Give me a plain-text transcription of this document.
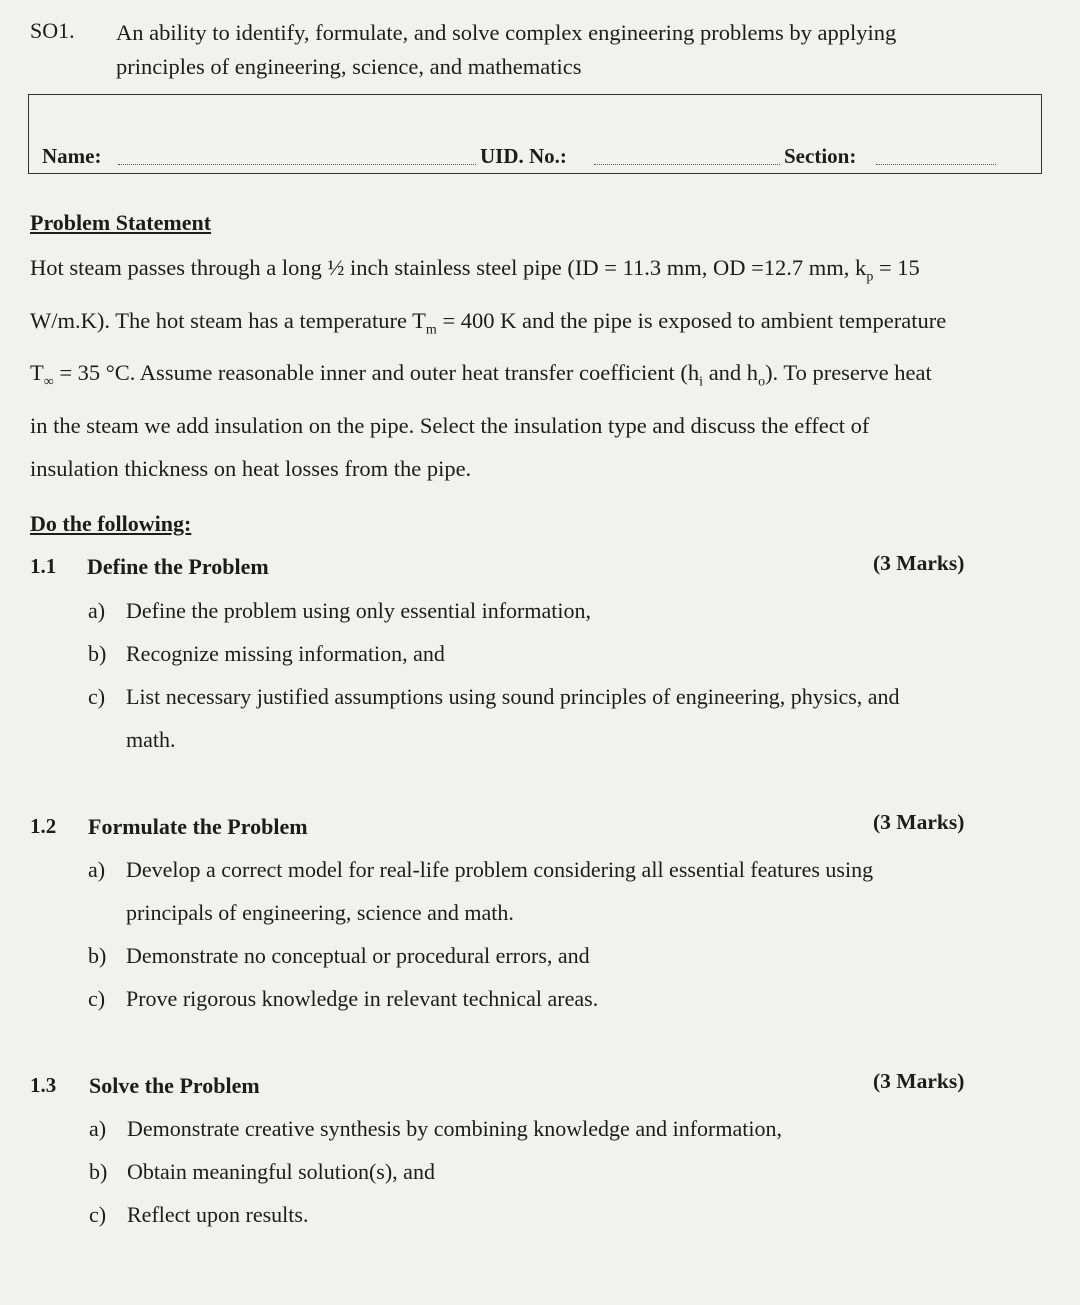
SO1. An ability to identify, formulate, and solve complex engineering problems by applying
principles of engineering, science, and mathematics
Name:	UID. No.:	Section:
Problem Statement

Hot steam passes through a long ½ inch stainless steel pipe (ID = 11.3 mm, OD =12.7 mm, $k_p = 15$

W/m.K). The hot steam has a temperature $T_m = 400$ K and the pipe is exposed to ambient temperature

$T_\infty = 35$ °C. Assume reasonable inner and outer heat transfer coefficient ($h_i$ and $h_o$). To preserve heat

in the steam we add insulation on the pipe. Select the insulation type and discuss the effect of

insulation thickness on heat losses from the pipe.

Do the following:
1.1 Define the Problem	(3 Marks)
a) Define the problem using only essential information,
b) Recognize missing information, and
c) List necessary justified assumptions using sound principles of engineering, physics, and
math.
1.2 Formulate the Problem	(3 Marks)
a) Develop a correct model for real-life problem considering all essential features using
principals of engineering, science and math.
b) Demonstrate no conceptual or procedural errors, and
c) Prove rigorous knowledge in relevant technical areas.
1.3 Solve the Problem	(3 Marks)
a) Demonstrate creative synthesis by combining knowledge and information,
b) Obtain meaningful solution(s), and
c) Reflect upon results.
